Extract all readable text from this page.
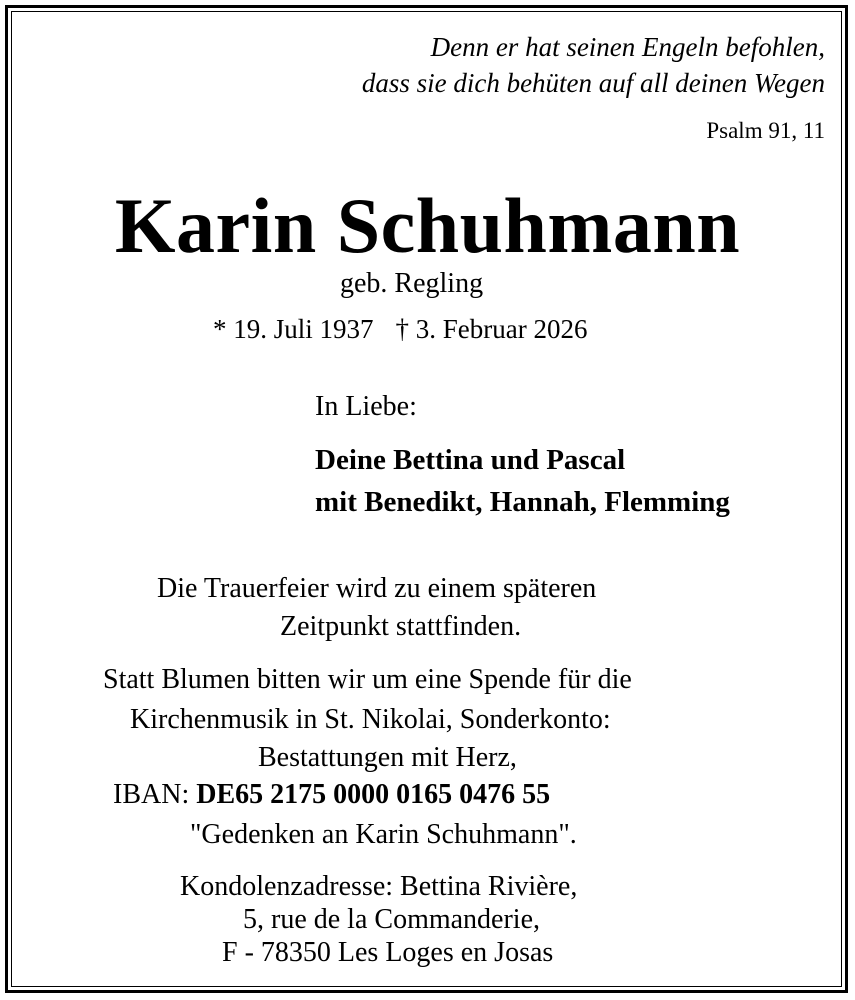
Denn er hat seinen Engeln befohlen,
dass sie dich behüten auf all deinen Wegen
Psalm 91, 11
Karin Schuhmann
geb. Regling
* 19. Juli 1937 † 3. Februar 2026
In Liebe:
Deine Bettina und Pascal
mit Benedikt, Hannah, Flemming
Die Trauerfeier wird zu einem späteren
Zeitpunkt stattfinden.
Statt Blumen bitten wir um eine Spende für die
Kirchenmusik in St. Nikolai, Sonderkonto:
Bestattungen mit Herz,
IBAN: DE65 2175 0000 0165 0476 55
"Gedenken an Karin Schuhmann".
Kondolenzadresse: Bettina Rivière,
5, rue de la Commanderie,
F - 78350 Les Loges en Josas
